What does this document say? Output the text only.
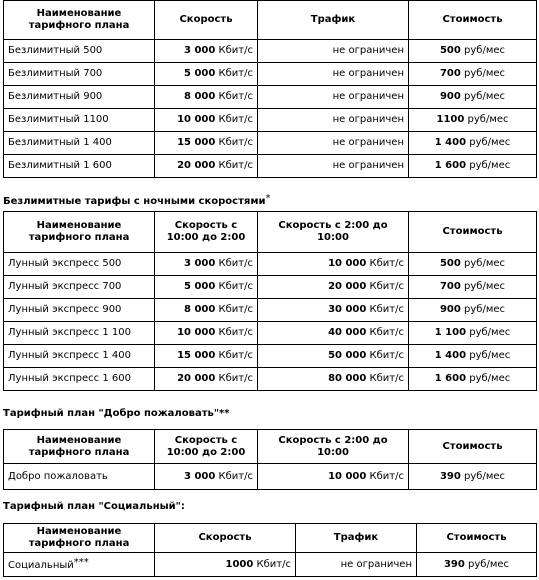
Наименование тарифного плана	Скорость	Трафик	Стоимость
Безлимитный 500	3 000 Кбит/с	не ограничен	500 руб/мес
Безлимитный 700	5 000 Кбит/с	не ограничен	700 руб/мес
Безлимитный 900	8 000 Кбит/с	не ограничен	900 руб/мес
Безлимитный 1100	10 000 Кбит/с	не ограничен	1100 руб/мес
Безлимитный 1 400	15 000 Кбит/с	не ограничен	1 400 руб/мес
Безлимитный 1 600	20 000 Кбит/с	не ограничен	1 600 руб/мес
Безлимитные тарифы с ночными скоростями*
Наименование тарифного плана	Скорость с 10:00 до 2:00	Скорость с 2:00 до 10:00	Стоимость
Лунный экспресс 500	3 000 Кбит/с	10 000 Кбит/с	500 руб/мес
Лунный экспресс 700	5 000 Кбит/с	20 000 Кбит/с	700 руб/мес
Лунный экспресс 900	8 000 Кбит/с	30 000 Кбит/с	900 руб/мес
Лунный экспресс 1 100	10 000 Кбит/с	40 000 Кбит/с	1 100 руб/мес
Лунный экспресс 1 400	15 000 Кбит/с	50 000 Кбит/с	1 400 руб/мес
Лунный экспресс 1 600	20 000 Кбит/с	80 000 Кбит/с	1 600 руб/мес
Тарифный план "Добро пожаловать"**
Наименование тарифного плана	Скорость с 10:00 до 2:00	Скорость с 2:00 до 10:00	Стоимость
Добро пожаловать	3 000 Кбит/с	10 000 Кбит/с	390 руб/мес
Тарифный план "Социальный":
Наименование тарифного плана	Скорость	Трафик	Стоимость
Социальный***	1000 Кбит/с	не ограничен	390 руб/мес
